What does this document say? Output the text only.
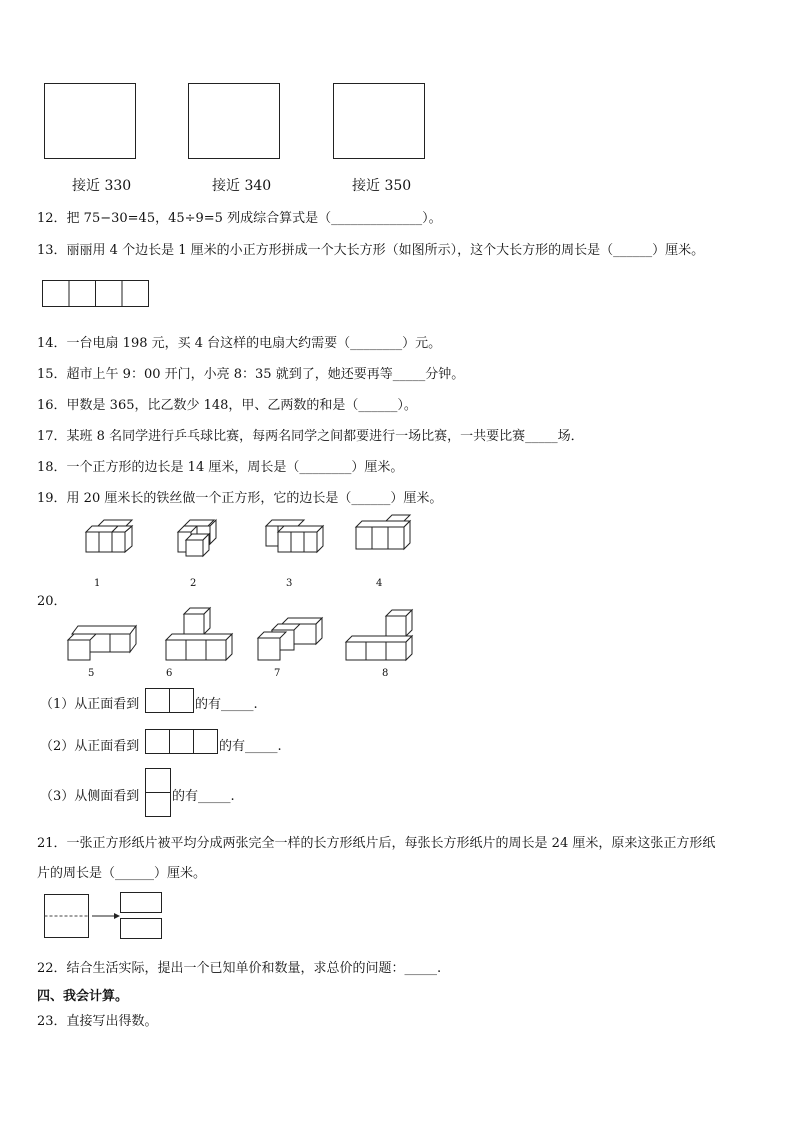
接近 330	接近 340	接近 350
12．把 75−30=45，45÷9=5 列成综合算式是（______________）。
13．丽丽用 4 个边长是 1 厘米的小正方形拼成一个大长方形（如图所示），这个大长方形的周长是（______）厘米。
14．一台电扇 198 元，买 4 台这样的电扇大约需要（________）元。
15．超市上午 9：00 开门，小亮 8：35 就到了，她还要再等_____分钟。
16．甲数是 365，比乙数少 148，甲、乙两数的和是（______）。
17．某班 8 名同学进行乒乓球比赛，每两名同学之间都要进行一场比赛，一共要比赛_____场．
18．一个正方形的边长是 14 厘米，周长是（________）厘米。
19．用 20 厘米长的铁丝做一个正方形，它的边长是（______）厘米。
1	2	3	4
20．
5	6	7	8
（1）从正面看到	的有_____.
（2）从正面看到	的有_____.
（3）从侧面看到	的有_____.
21．一张正方形纸片被平均分成两张完全一样的长方形纸片后，每张长方形纸片的周长是 24 厘米，原来这张正方形纸
片的周长是（______）厘米。
22．结合生活实际，提出一个已知单价和数量，求总价的问题：_____.
四、我会计算。
23．直接写出得数。
